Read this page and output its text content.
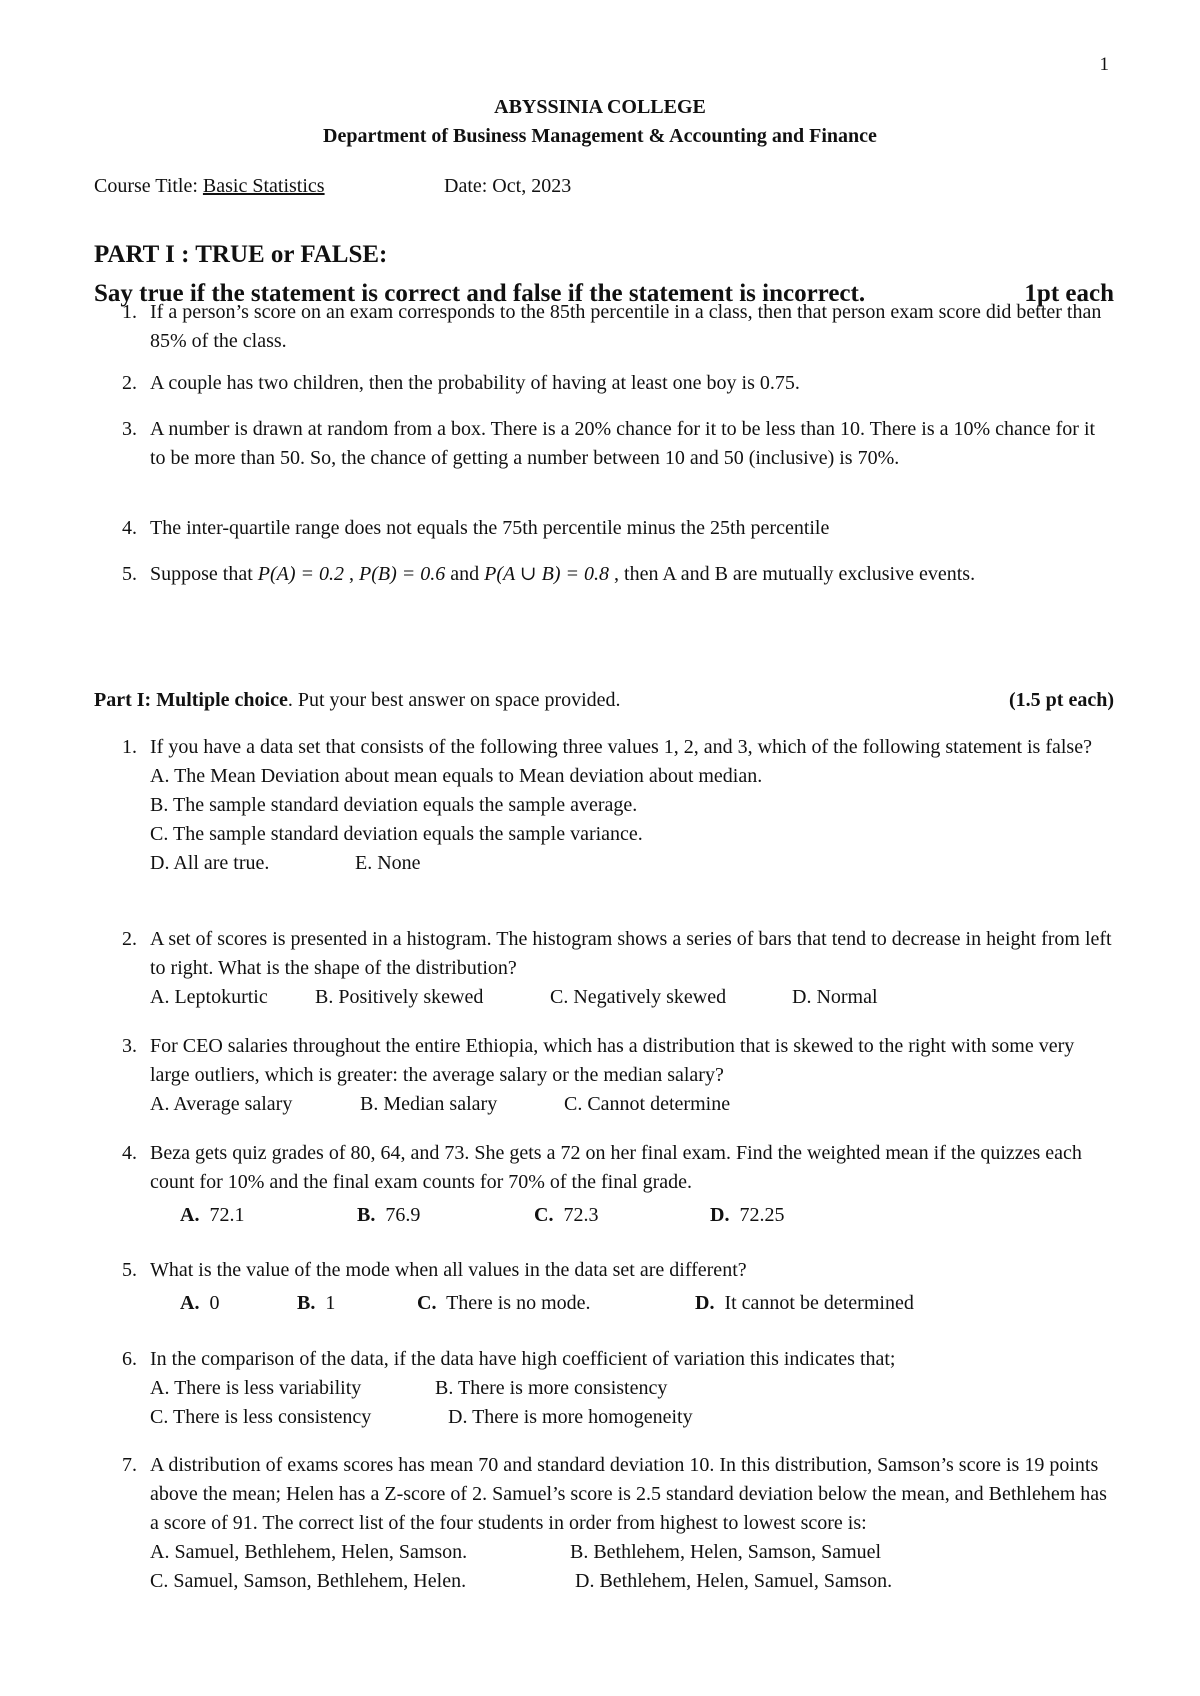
1
ABYSSINIA COLLEGE
Department of Business Management & Accounting and Finance
Course Title: Basic Statistics	Date: Oct, 2023
PART I : TRUE or FALSE:
Say true if the statement is correct and false if the statement is incorrect.	1pt each
1. If a person’s score on an exam corresponds to the 85th percentile in a class, then that person exam score did better than 85% of the class.
2. A couple has two children, then the probability of having at least one boy is 0.75.
3. A number is drawn at random from a box. There is a 20% chance for it to be less than 10. There is a 10% chance for it to be more than 50. So, the chance of getting a number between 10 and 50 (inclusive) is 70%.
4. The inter-quartile range does not equals the 75th percentile minus the 25th percentile
5. Suppose that P(A) = 0.2 , P(B) = 0.6 and P(A ∪ B) = 0.8 , then A and B are mutually exclusive events.
Part I: Multiple choice. Put your best answer on space provided.	(1.5 pt each)
1. If you have a data set that consists of the following three values 1, 2, and 3, which of the following statement is false?
A. The Mean Deviation about mean equals to Mean deviation about median.
B. The sample standard deviation equals the sample average.
C. The sample standard deviation equals the sample variance.
D. All are true.	E. None
2. A set of scores is presented in a histogram. The histogram shows a series of bars that tend to decrease in height from left to right. What is the shape of the distribution?
A. Leptokurtic B. Positively skewed	C. Negatively skewed	D. Normal
3. For CEO salaries throughout the entire Ethiopia, which has a distribution that is skewed to the right with some very large outliers, which is greater: the average salary or the median salary?
A. Average salary	B. Median salary	C. Cannot determine
4. Beza gets quiz grades of 80, 64, and 73. She gets a 72 on her final exam. Find the weighted mean if the quizzes each count for 10% and the final exam counts for 70% of the final grade.
A. 72.1	B. 76.9	C. 72.3	D. 72.25
5. What is the value of the mode when all values in the data set are different?
A. 0	B. 1	C. There is no mode.	D. It cannot be determined
6. In the comparison of the data, if the data have high coefficient of variation this indicates that;
A. There is less variability	B. There is more consistency
C. There is less consistency	D. There is more homogeneity
7. A distribution of exams scores has mean 70 and standard deviation 10. In this distribution, Samson’s score is 19 points above the mean; Helen has a Z-score of 2. Samuel’s score is 2.5 standard deviation below the mean, and Bethlehem has a score of 91. The correct list of the four students in order from highest to lowest score is:
A. Samuel, Bethlehem, Helen, Samson.	B. Bethlehem, Helen, Samson, Samuel
C. Samuel, Samson, Bethlehem, Helen.	D. Bethlehem, Helen, Samuel, Samson.
